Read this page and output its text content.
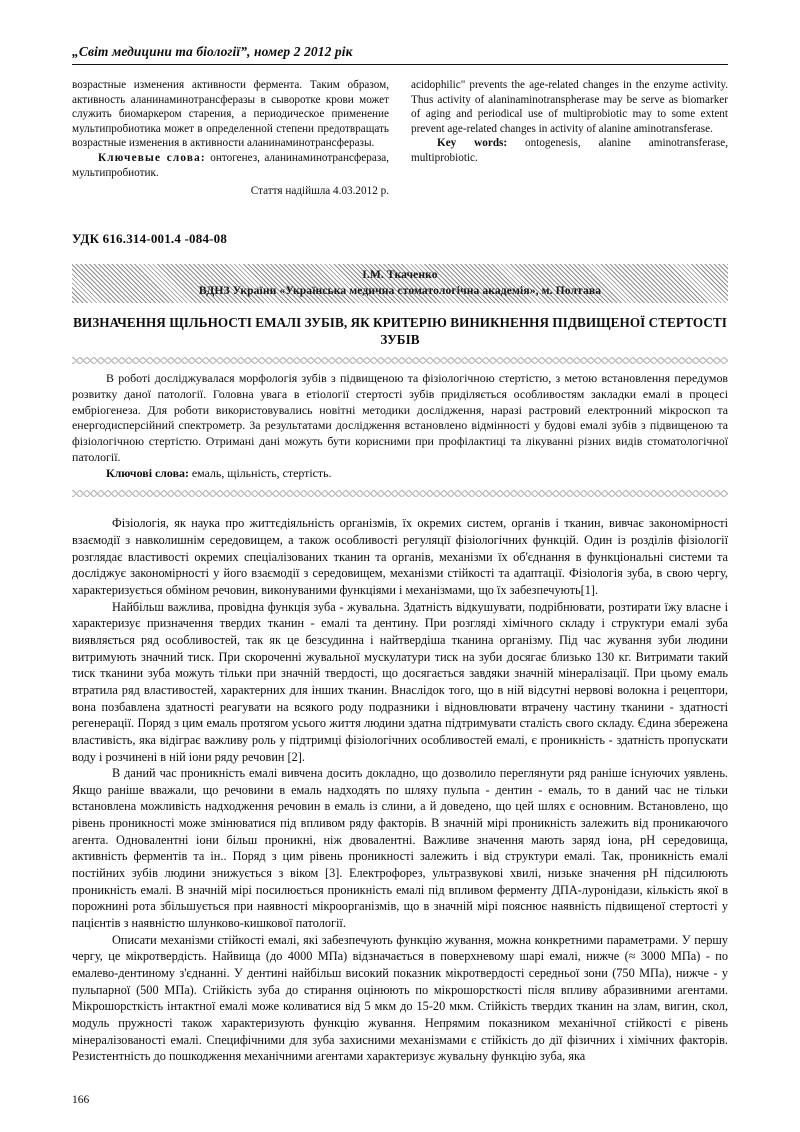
„Світ медицини та біології”, номер 2 2012 рік

возрастные изменения активности фермента. Таким образом, активность аланинаминотрансферазы в сыворотке крови может служить биомаркером старения, а периодическое применение мультипробиотика может в определенной степени предотвращать возрастные изменения в активности аланинаминотрансферазы.

Ключевые слова: онтогенез, аланинаминотрансфераза, мультипробиотик.

Стаття надійшла 4.03.2012 р.

acidophilic" prevents the age-related changes in the enzyme activity. Thus activity of alaninaminotranspherase may be serve as biomarker of aging and periodical use of multiprobiotic may to some extent prevent age-related changes in activity of alanine aminotransferase.

Key words: ontogenesis, alanine aminotransferase, multiprobiotic.

УДК 616.314-001.4 -084-08
І.М. Ткаченко
ВДНЗ України «Українська медична стоматологічна академія», м. Полтава
ВИЗНАЧЕННЯ ЩІЛЬНОСТІ ЕМАЛІ ЗУБІВ, ЯК КРИТЕРІЮ ВИНИКНЕННЯ ПІДВИЩЕНОЇ СТЕРТОСТІ ЗУБІВ

В роботі досліджувалася морфологія зубів з підвищеною та фізіологічною стертістю, з метою встановлення передумов розвитку даної патології. Головна увага в етіології стертості зубів приділяється особливостям закладки емалі в процесі ембріогенеза. Для роботи використовувались новітні методики дослідження, наразі растровий електронний мікроскоп та енергодисперсійний спектрометр. За результатами дослідження встановлено відмінності у будові емалі зубів з підвищеною та фізіологічною стертістю. Отримані дані можуть бути корисними при профілактиці та лікуванні різних видів стоматологічної патології.

Ключові слова: емаль, щільність, стертість.

Фізіологія, як наука про життєдіяльність організмів, їх окремих систем, органів і тканин, вивчає закономірності взаємодії з навколишнім середовищем, а також особливості регуляції фізіологічних функцій. Один із розділів фізіології розглядає властивості окремих спеціалізованих тканин та органів, механізми їх об'єднання в функціональні системи та досліджує закономірності у його взаємодії з середовищем, механізми стійкості та адаптації. Фізіологія зуба, в свою чергу, характеризується обміном речовин, виконуваними функціями і механізмами, що їх забезпечують[1].

Найбільш важлива, провідна функція зуба - жувальна. Здатність відкушувати, подрібнювати, розтирати їжу власне і характеризує призначення твердих тканин - емалі та дентину. При розгляді хімічного складу і структури емалі зуба виявляється ряд особливостей, так як це безсудинна і найтвердіша тканина організму. Під час жування зуби людини витримують значний тиск. При скороченні жувальної мускулатури тиск на зуби досягає близько 130 кг. Витримати такий тиск тканини зуба можуть тільки при значній твердості, що досягається завдяки значній мінералізації. При цьому емаль втратила ряд властивостей, характерних для інших тканин. Внаслідок того, що в ній відсутні нервові волокна і рецептори, вона позбавлена здатності реагувати на всякого роду подразники і відновлювати втрачену частину тканини - здатності регенерації. Поряд з цим емаль протягом усього життя людини здатна підтримувати сталість свого складу. Єдина збережена властивість, яка відіграє важливу роль у підтримці фізіологічних особливостей емалі, є проникність - здатність пропускати воду і розчинені в ній іони ряду речовин [2].

В даний час проникність емалі вивчена досить докладно, що дозволило переглянути ряд раніше існуючих уявлень. Якщо раніше вважали, що речовини в емаль надходять по шляху пульпа - дентин - емаль, то в даний час не тільки встановлена можливість надходження речовин в емаль із слини, а й доведено, що цей шлях є основним. Встановлено, що рівень проникності може змінюватися під впливом ряду факторів. В значній мірі проникність залежить від проникаючого агента. Одновалентні іони більш проникні, ніж двовалентні. Важливе значення мають заряд іона, рН середовища, активність ферментів та ін.. Поряд з цим рівень проникності залежить і від структури емалі. Так, проникність емалі постійних зубів людини знижується з віком [3]. Електрофорез, ультразвукові хвилі, низьке значення рН підсилюють проникність емалі. В значній мірі посилюється проникність емалі під впливом ферменту ДПА-луронідази, кількість якої в порожнині рота збільшується при наявності мікроорганізмів, що в значній мірі пояснює наявність підвищеної стертості у пацієнтів з наявністю шлунково-кишкової патології.

Описати механізми стійкості емалі, які забезпечують функцію жування, можна конкретними параметрами. У першу чергу, це мікротвердість. Найвища (до 4000 МПа) відзначається в поверхневому шарі емалі, нижче (≈ 3000 МПа) - по емалево-дентиному з'єднанні. У дентині найбільш високий показник мікротвердості середньої зони (750 МПа), нижче - у пульпарної (500 МПа). Стійкість зуба до стирання оцінюють по мікрошорсткості після впливу абразивними агентами. Мікрошорсткість інтактної емалі може коливатися від 5 мкм до 15-20 мкм. Стійкість твердих тканин на злам, вигин, скол, модуль пружності також характеризують функцію жування. Непрямим показником механічної стійкості є рівень мінералізованості емалі. Специфічними для зуба захисними механізмами є стійкість до дії фізичних і хімічних факторів. Резистентність до пошкодження механічними агентами характеризує жувальну функцію зуба, яка

166
